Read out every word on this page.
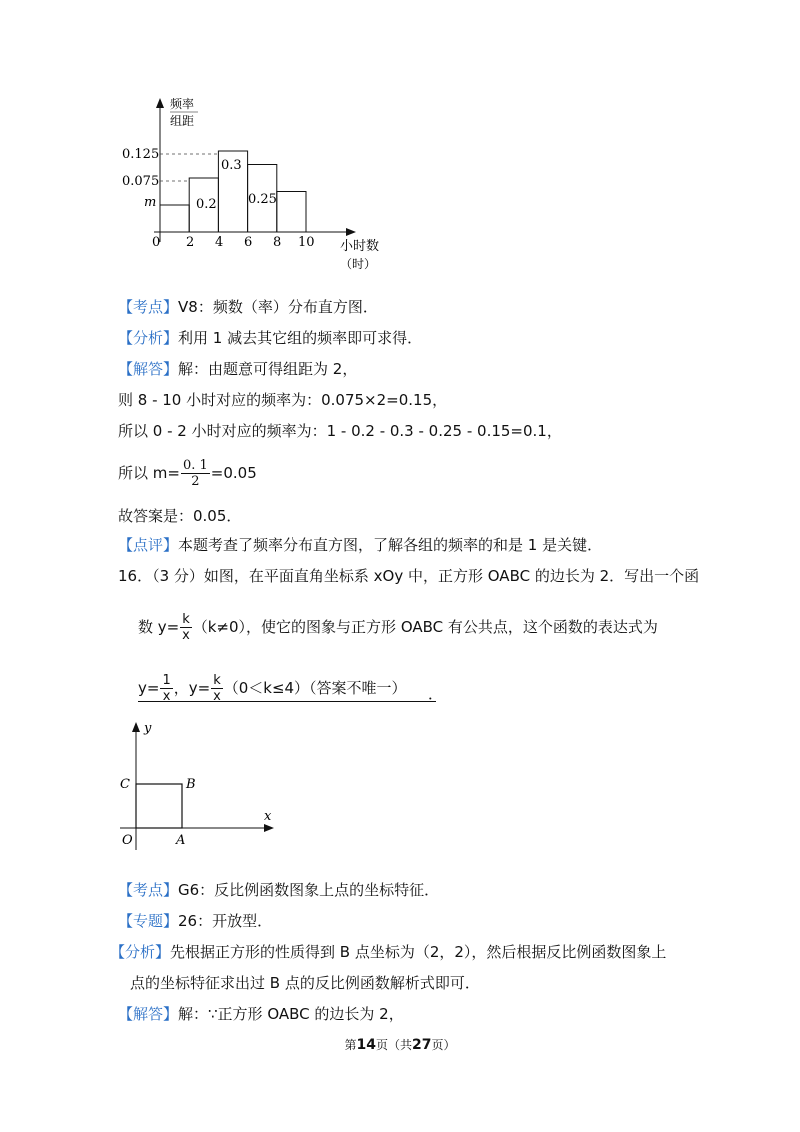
频率
组距
0.125
0.075
m
0 2 4 6 8 10 小时数
（时）
0.2
0.3
0.25
【考点】V8：频数（率）分布直方图．
【分析】利用 1 减去其它组的频率即可求得．
【解答】解：由题意可得组距为 2，
则 8 - 10 小时对应的频率为：0.075×2=0.15，
所以 0 - 2 小时对应的频率为：1 - 0.2 - 0.3 - 0.25 - 0.15=0.1，
所以 $m= \frac{0. 1}{2} =0.05$
故答案是：0.05．
【点评】本题考查了频率分布直方图，了解各组的频率的和是 1 是关键．
16．（3 分）如图，在平面直角坐标系 xOy 中，正方形 OABC 的边长为 2．写出一个函
数 $y= \frac{k}{x} (k\ne 0)$，使它的图象与正方形 OABC 有公共点，这个函数的表达式为
$y= \frac{1}{x}$ ，$y= \frac{k}{x} (0<k\le 4)$（答案不唯一） ．
y
x
C	B
O	A
【考点】G6：反比例函数图象上点的坐标特征．
【专题】26：开放型．
【分析】先根据正方形的性质得到 B 点坐标为（2，2），然后根据反比例函数图象上
点的坐标特征求出过 B 点的反比例函数解析式即可．
【解答】解：∵正方形 OABC 的边长为 2，
第14页（共27页）
